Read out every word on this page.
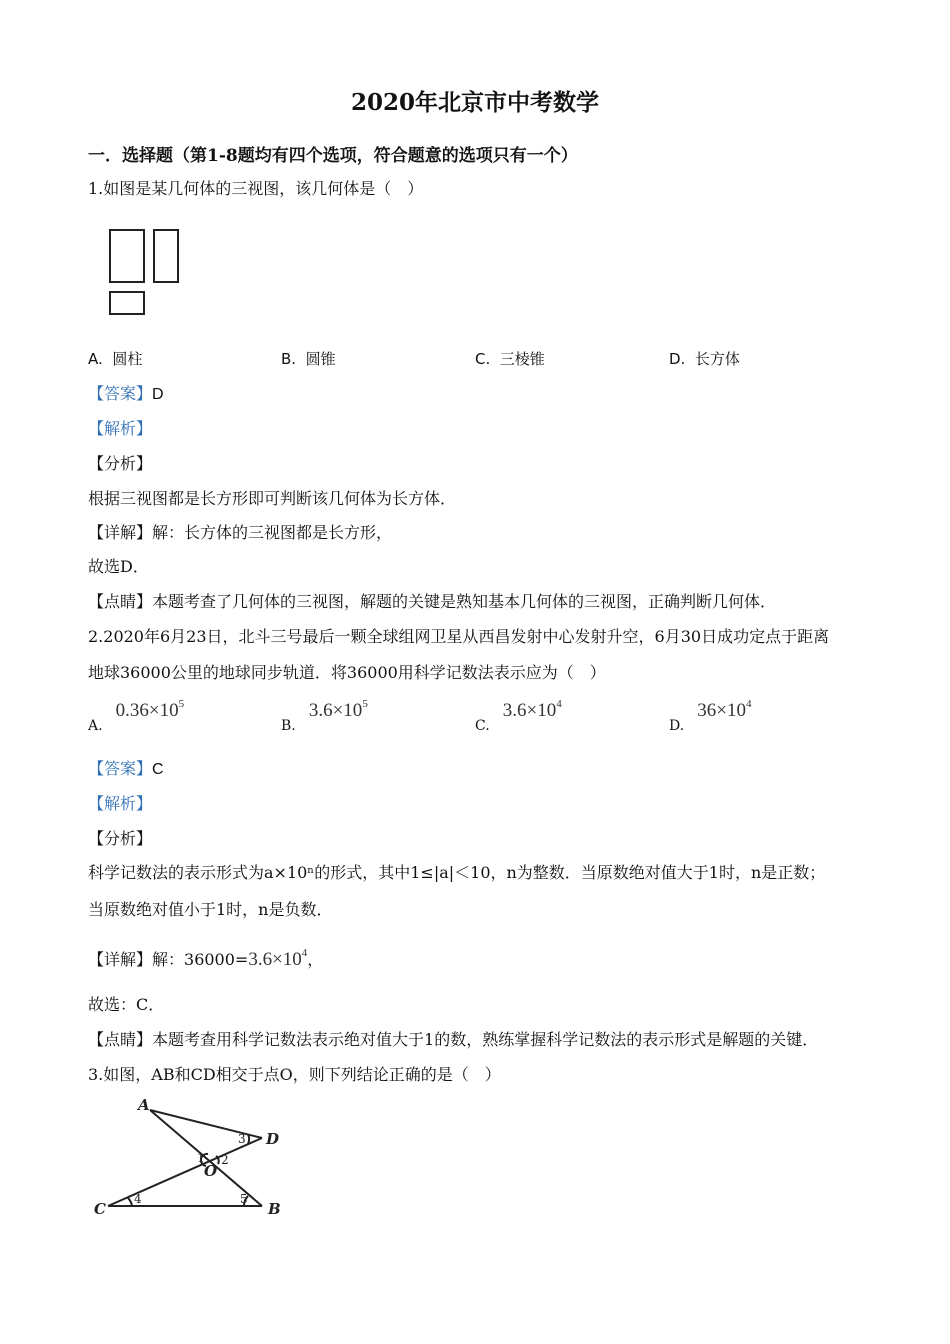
2020年北京市中考数学
一．选择题（第1-8题均有四个选项，符合题意的选项只有一个）
1.如图是某几何体的三视图，该几何体是（　）
A. 圆柱	B. 圆锥	C. 三棱锥	D. 长方体
【答案】D
【解析】
【分析】
根据三视图都是长方形即可判断该几何体为长方体．
【详解】解：长方体的三视图都是长方形，
故选D．
【点睛】本题考查了几何体的三视图，解题的关键是熟知基本几何体的三视图，正确判断几何体．
2.2020年6月23日，北斗三号最后一颗全球组网卫星从西昌发射中心发射升空，6月30日成功定点于距离
地球36000公里的地球同步轨道．将36000用科学记数法表示应为（　）
A. $0.36\times 10^5$
B. $3.6\times 10^5$
C. $3.6\times 10^4$
D. $36\times 10^4$
【答案】C
【解析】
【分析】
科学记数法的表示形式为a×10ⁿ的形式，其中1≤|a|＜10，n为整数．当原数绝对值大于1时，n是正数；
当原数绝对值小于1时，n是负数．
【详解】解：$36000=3.6\times 10^4$，
故选：C．
【点睛】本题考查用科学记数法表示绝对值大于1的数，熟练掌握科学记数法的表示形式是解题的关键．
3.如图，AB和CD相交于点O，则下列结论正确的是（　）
A
D
C	B
O
1 2
3
4	5
